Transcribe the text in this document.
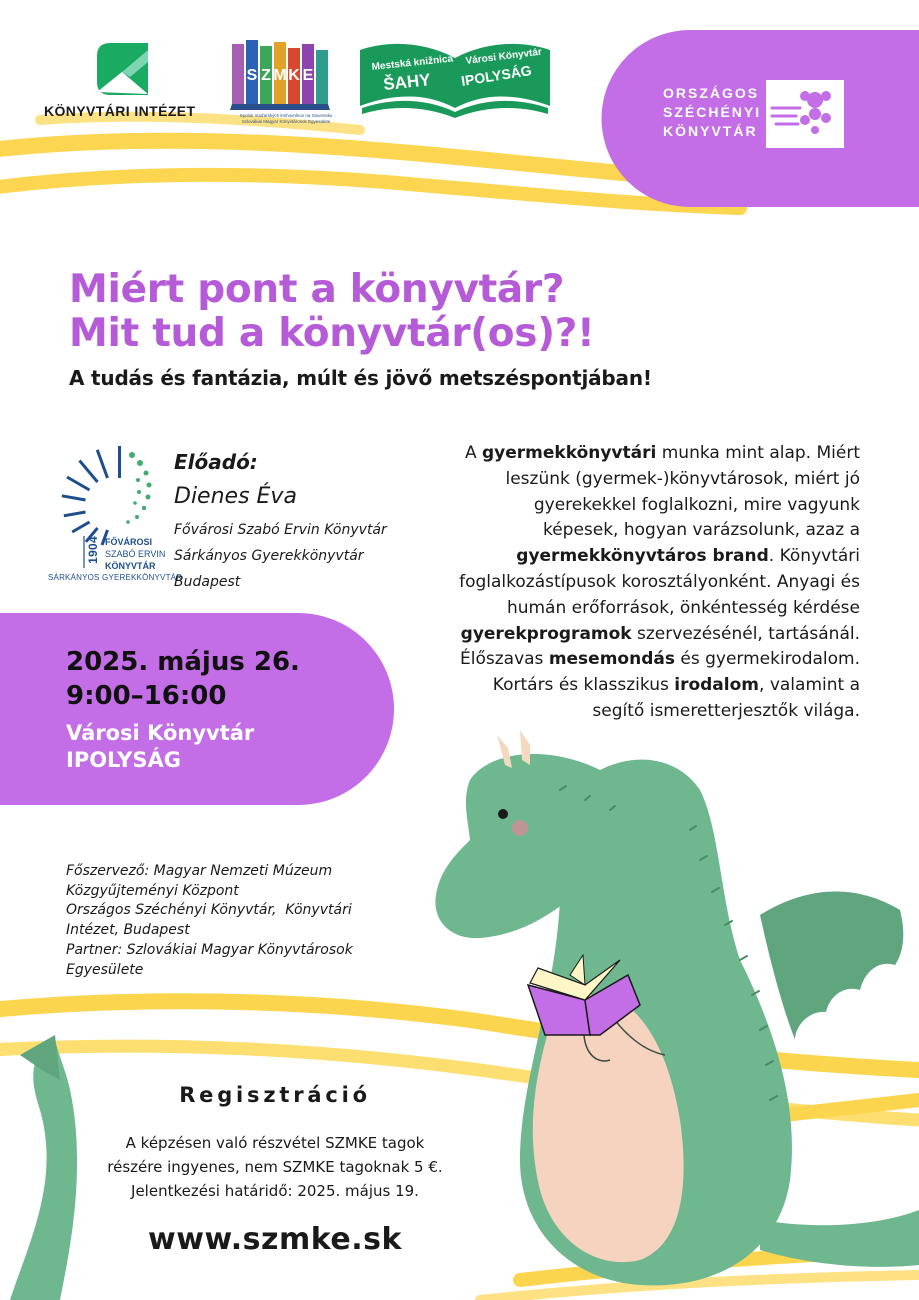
S Z M K E
Mestská knižnica
ŠAHY
Városi Könyvtár
IPOLYSÁG
KÖNYVTÁRI INTÉZET	Spolok maďarských knihovníkov na Slovensku
Szlovákiai Magyar Könyvtárosok Egyesülete
ORSZÁGOS
SZÉCHÉNYI
KÖNYVTÁR
Miért pont a könyvtár?
Mit tud a könyvtár(os)?!
A tudás és fantázia, múlt és jövő metszéspontjában!
1904 FŐVÁROSI
SZABÓ ERVIN
KÖNYVTÁR
SÁRKÁNYOS GYEREKKÖNYVTÁR
Előadó:
Dienes Éva
Fővárosi Szabó Ervin Könyvtár
Sárkányos Gyerekkönyvtár
Budapest
A gyermekkönyvtári munka mint alap. Miért leszünk (gyermek-)könyvtárosok, miért jó gyerekekkel foglalkozni, mire vagyunk képesek, hogyan varázsolunk, azaz a gyermekkönyvtáros brand. Könyvtári foglalkozástípusok korosztályonként. Anyagi és humán erőforrások, önkéntesség kérdése gyerekprogramok szervezésénél, tartásánál. Élőszavas mesemondás és gyermekirodalom. Kortárs és klasszikus irodalom, valamint a segítő ismeretterjesztők világa.
2025. május 26.
9:00–16:00
Városi Könyvtár
IPOLYSÁG
Főszervező: Magyar Nemzeti Múzeum
Közgyűjteményi Központ
Országos Széchényi Könyvtár,  Könyvtári
Intézet, Budapest
Partner: Szlovákiai Magyar Könyvtárosok
Egyesülete
Regisztráció
A képzésen való részvétel SZMKE tagok
részére ingyenes, nem SZMKE tagoknak 5 €.
Jelentkezési határidő: 2025. május 19.
www.szmke.sk
